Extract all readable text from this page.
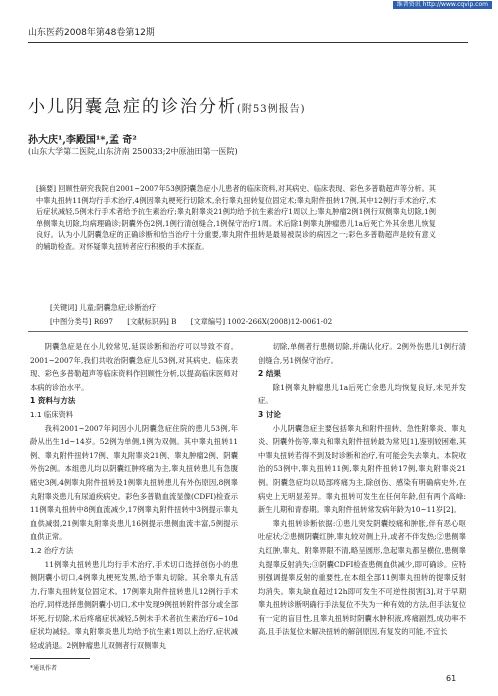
维普资讯 http://www.cqvip.com
山东医药2008年第48卷第12期
小儿阴囊急症的诊治分析(附53例报告)
孙大庆¹,李殿国¹*,孟 奇²
(山东大学第二医院,山东济南 250033;2中原油田第一医院)
[摘要] 回顾性研究我院自2001~2007年53例阴囊急症小儿患者的临床资料,对其病史、临床表现、彩色多普勒超声等分析。其中睾丸扭转11例均行手术治疗,4例因睾丸梗死行切除术,余行睾丸扭转复位固定术;睾丸附件扭转17例,其中12例行手术治疗,术后症状减轻,5例未行手术者给予抗生素治疗;睾丸附睾炎21例均给予抗生素治疗1周以上;睾丸肿瘤2例1例行双侧睾丸切除,1例单侧睾丸切除,均病理确诊;阴囊外伤2例,1例行清创缝合,1例保守治疗1周。术后除1例睾丸肿瘤患儿1a后死亡外其余患儿恢复良好。认为小儿阴囊急症的正确诊断和恰当治疗十分重要,睾丸附件扭转是最易被误诊的病因之一;彩色多普勒超声是较有意义的辅助检查。对怀疑睾丸扭转者应行积极的手术探查。
[关键词] 儿童;阴囊急症;诊断治疗
[中图分类号] R697 [文献标识码] B [文章编号] 1002-266X(2008)12-0061-02

阴囊急症是在小儿较常见,延误诊断和治疗可以导致不育。2001~2007年,我们共收治阴囊急症儿53例,对其病史、临床表现、彩色多普勒超声等临床资料作回顾性分析,以提高临床医师对本病的诊治水平。

1 资料与方法
1.1 临床资料

我科2001~2007年间因小儿阴囊急症住院的患儿53例,年龄从出生1d~14岁。52例为单侧,1例为双侧。其中睾丸扭转11例、睾丸附件扭转17例、睾丸附睾炎21例、睾丸肿瘤2例、阴囊外伤2例。本组患儿均以阴囊红肿疼痛为主,睾丸扭转患儿有急腹痛史3例,4例睾丸附件扭转及1例睾丸扭转患儿有外伤原因,8例睾丸附睾炎患儿有尿道疾病史。彩色多普勒血流显像(CDFI)检查示11例睾丸扭转中8例血流减少,17例睾丸附件扭转中3例提示睾丸血供减弱,21例睾丸附睾炎患儿16例提示患侧血流丰富,5例提示血供正常。

1.2 治疗方法

11例睾丸扭转患儿均行手术治疗,手术切口选择创伤小的患侧阴囊小切口,4例睾丸梗死发黑,给予睾丸切除。其余睾丸有活力,行睾丸扭转复位固定术。17例睾丸附件扭转患儿12例行手术治疗,同样选择患侧阴囊小切口,术中发现9例扭转附件部分或全部坏死,行切除,术后疼痛症状减轻,5例未手术者抗生素治疗6~10d症状均减轻。睾丸附睾炎患儿均给予抗生素1周以上治疗,症状减轻或消退。2例肿瘤患儿双侧者行双侧睾丸

切除,单侧者行患侧切除,并确认化疗。2例外伤患儿1例行清创缝合,另1例保守治疗。

2 结果

除1例睾丸肿瘤患儿1a后死亡余患儿均恢复良好,未见并发症。

3 讨论

小儿阴囊急症主要包括睾丸和附件扭转、急性附睾炎、睾丸炎、阴囊外伤等,睾丸和睾丸附件扭转最为常见[1],鉴别较困难,其中睾丸扭转若得不到及时诊断和治疗,有可能会失去睾丸。本院收治的53例中,睾丸扭转11例,睾丸附件扭转17例,睾丸附睾炎21例。阴囊急症均以局部疼痛为主,除创伤、感染有明确病史外,在病史上无明显差异。睾丸扭转可发生在任何年龄,但有两个高峰:新生儿期和青春期。睾丸附件扭转常发病年龄为10~11岁[2]。

睾丸扭转诊断依据:①患儿突发阴囊绞痛和肿胀,伴有恶心呕吐症状;②患侧阴囊红肿,睾丸较对侧上升,或者不伴发热;②患侧睾丸红肿,睾丸、附睾界限不清,略呈圆形,急起睾丸都呈横位,患侧睾丸提睾反射消失;③阴囊CDFI检查患侧血供减少,即可确诊。应特别强调提睾反射的重要性,在本组全部11例睾丸扭转的提睾反射均消失。睾丸缺血超过12h即可发生不可逆性损害[3],对于早期睾丸扭转诊断明确行手法复位不失为一种有效的方法,但手法复位有一定的盲目性,且睾丸扭转时阴囊水肿积液,疼痛剧烈,成功率不高,且手法复位未解决扭转的解剖原因,有复发的可能,不宜长

*通讯作者
61
